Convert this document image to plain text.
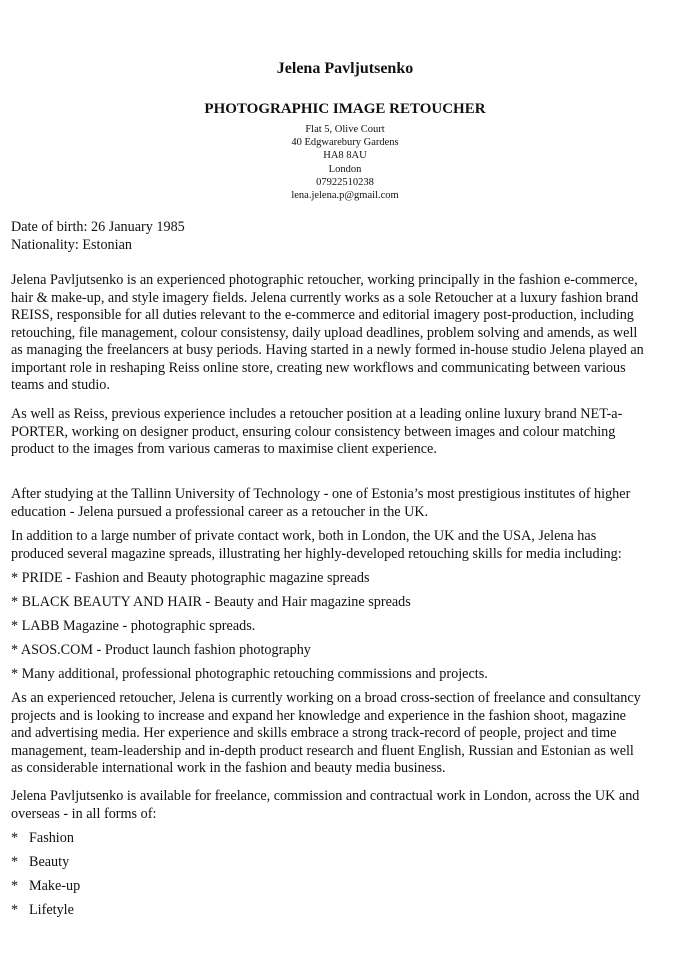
Jelena Pavljutsenko
PHOTOGRAPHIC IMAGE RETOUCHER
Flat 5, Olive Court
40 Edgwarebury Gardens
HA8 8AU
London
07922510238
lena.jelena.p@gmail.com
Date of birth: 26 January 1985
Nationality: Estonian
Jelena Pavljutsenko is an experienced photographic retoucher, working principally in the fashion e-commerce,
hair & make-up, and style imagery fields. Jelena currently works as a sole Retoucher at a luxury fashion brand
REISS, responsible for all duties relevant to the e-commerce and editorial imagery post-production, including
retouching, file management, colour consistensy, daily upload deadlines, problem solving and amends, as well
as managing the freelancers at busy periods. Having started in a newly formed in-house studio Jelena played an
important role in reshaping Reiss online store, creating new workflows and communicating between various
teams and studio.
As well as Reiss, previous experience includes a retoucher position at a leading online luxury brand NET-a-
PORTER, working on designer product, ensuring colour consistency between images and colour matching
product to the images from various cameras to maximise client experience.
After studying at the Tallinn University of Technology - one of Estonia’s most prestigious institutes of higher
education - Jelena pursued a professional career as a retoucher in the UK.
In addition to a large number of private contact work, both in London, the UK and the USA, Jelena has
produced several magazine spreads, illustrating her highly-developed retouching skills for media including:
* PRIDE - Fashion and Beauty photographic magazine spreads
* BLACK BEAUTY AND HAIR - Beauty and Hair magazine spreads
* LABB Magazine - photographic spreads.
* ASOS.COM - Product launch fashion photography
* Many additional, professional photographic retouching commissions and projects.
As an experienced retoucher, Jelena is currently working on a broad cross-section of freelance and consultancy
projects and is looking to increase and expand her knowledge and experience in the fashion shoot, magazine
and advertising media. Her experience and skills embrace a strong track-record of people, project and time
management, team-leadership and in-depth product research and fluent English, Russian and Estonian as well
as considerable international work in the fashion and beauty media business.
Jelena Pavljutsenko is available for freelance, commission and contractual work in London, across the UK and
overseas - in all forms of:
* Fashion
* Beauty
* Make-up
* Lifetyle
